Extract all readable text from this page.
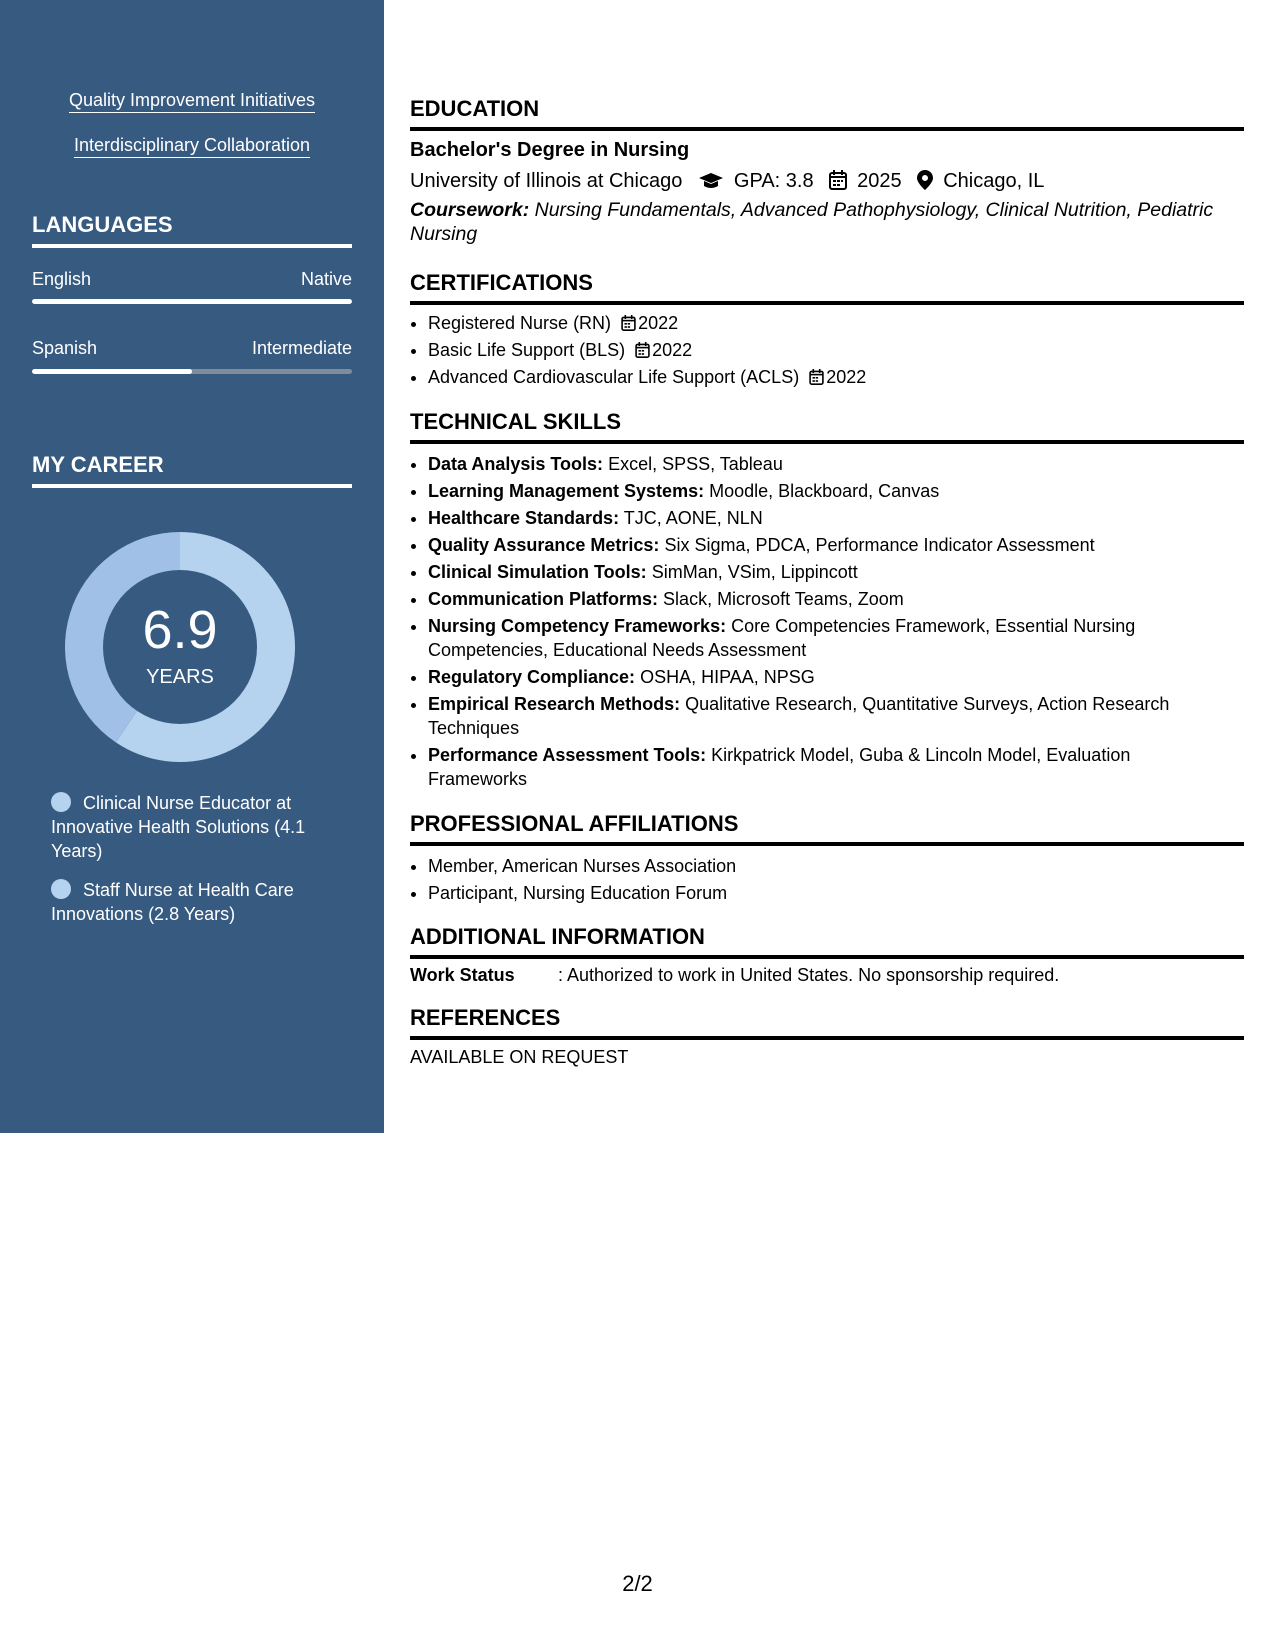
Quality Improvement Initiatives
Interdisciplinary Collaboration
LANGUAGES
English	Native
Spanish	Intermediate
MY CAREER
6.9
YEARS
Clinical Nurse Educator at Innovative Health Solutions (4.1 Years)
Staff Nurse at Health Care Innovations (2.8 Years)
EDUCATION
Bachelor's Degree in Nursing
University of Illinois at Chicago	GPA: 3.8 2025 Chicago, IL
Coursework: Nursing Fundamentals, Advanced Pathophysiology, Clinical Nutrition, Pediatric Nursing
CERTIFICATIONS
• Registered Nurse (RN) 2022
• Basic Life Support (BLS) 2022
• Advanced Cardiovascular Life Support (ACLS) 2022
TECHNICAL SKILLS
• Data Analysis Tools: Excel, SPSS, Tableau
• Learning Management Systems: Moodle, Blackboard, Canvas
• Healthcare Standards: TJC, AONE, NLN
• Quality Assurance Metrics: Six Sigma, PDCA, Performance Indicator Assessment
• Clinical Simulation Tools: SimMan, VSim, Lippincott
• Communication Platforms: Slack, Microsoft Teams, Zoom
• Nursing Competency Frameworks: Core Competencies Framework, Essential Nursing Competencies, Educational Needs Assessment
• Regulatory Compliance: OSHA, HIPAA, NPSG
• Empirical Research Methods: Qualitative Research, Quantitative Surveys, Action Research Techniques
• Performance Assessment Tools: Kirkpatrick Model, Guba & Lincoln Model, Evaluation Frameworks
PROFESSIONAL AFFILIATIONS
• Member, American Nurses Association
• Participant, Nursing Education Forum
ADDITIONAL INFORMATION
Work Status : Authorized to work in United States. No sponsorship required.
REFERENCES
AVAILABLE ON REQUEST
2/2
